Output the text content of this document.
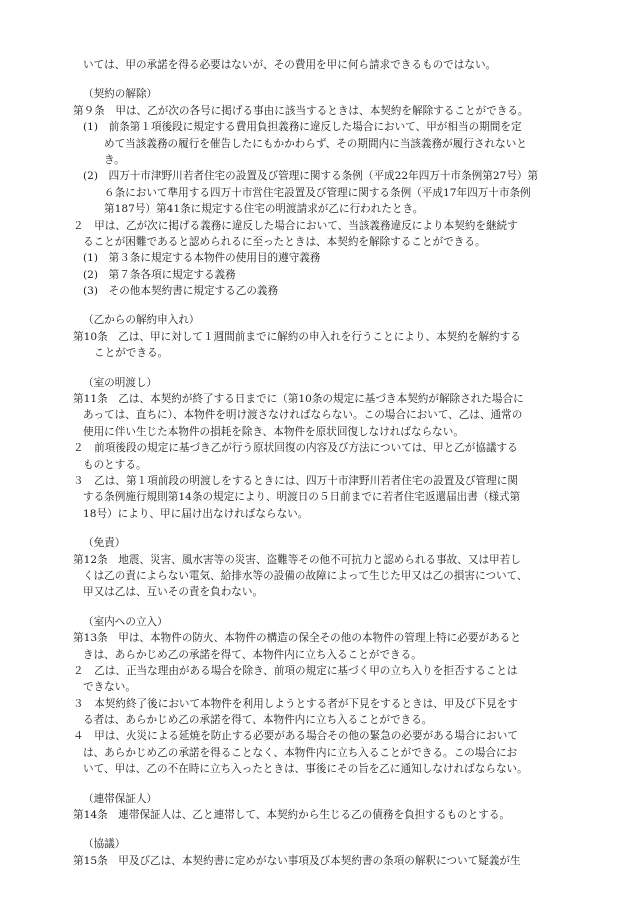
いては、甲の承諾を得る必要はないが、その費用を甲に何ら請求できるものではない。
（契約の解除）
第９条　甲は、乙が次の各号に掲げる事由に該当するときは、本契約を解除することができる。
(1)　前条第１項後段に規定する費用負担義務に違反した場合において、甲が相当の期間を定
めて当該義務の履行を催告したにもかかわらず、その期間内に当該義務が履行されないと
き。
(2)　四万十市津野川若者住宅の設置及び管理に関する条例（平成22年四万十市条例第27号）第
６条において準用する四万十市営住宅設置及び管理に関する条例（平成17年四万十市条例
第187号）第41条に規定する住宅の明渡請求が乙に行われたとき。
２　甲は、乙が次に掲げる義務に違反した場合において、当該義務違反により本契約を継続す
ることが困難であると認められるに至ったときは、本契約を解除することができる。
(1)　第３条に規定する本物件の使用目的遵守義務
(2)　第７条各項に規定する義務
(3)　その他本契約書に規定する乙の義務
（乙からの解約申入れ）
第10条　乙は、甲に対して１週間前までに解約の申入れを行うことにより、本契約を解約する
ことができる。
（室の明渡し）
第11条　乙は、本契約が終了する日までに（第10条の規定に基づき本契約が解除された場合に
あっては、直ちに）、本物件を明け渡さなければならない。この場合において、乙は、通常の
使用に伴い生じた本物件の損耗を除き、本物件を原状回復しなければならない。
２　前項後段の規定に基づき乙が行う原状回復の内容及び方法については、甲と乙が協議する
ものとする。
３　乙は、第１項前段の明渡しをするときには、四万十市津野川若者住宅の設置及び管理に関
する条例施行規則第14条の規定により、明渡日の５日前までに若者住宅返還届出書（様式第
18号）により、甲に届け出なければならない。
（免責）
第12条　地震、災害、風水害等の災害、盗難等その他不可抗力と認められる事故、又は甲若し
くは乙の責によらない電気、給排水等の設備の故障によって生じた甲又は乙の損害について、
甲又は乙は、互いその責を負わない。
（室内への立入）
第13条　甲は、本物件の防火、本物件の構造の保全その他の本物件の管理上特に必要があると
きは、あらかじめ乙の承諾を得て、本物件内に立ち入ることができる。
２　乙は、正当な理由がある場合を除き、前項の規定に基づく甲の立ち入りを拒否することは
できない。
３　本契約終了後において本物件を利用しようとする者が下見をするときは、甲及び下見をす
る者は、あらかじめ乙の承諾を得て、本物件内に立ち入ることができる。
４　甲は、火災による延焼を防止する必要がある場合その他の緊急の必要がある場合において
は、あらかじめ乙の承諾を得ることなく、本物件内に立ち入ることができる。この場合にお
いて、甲は、乙の不在時に立ち入ったときは、事後にその旨を乙に通知しなければならない。
（連帯保証人）
第14条　連帯保証人は、乙と連帯して、本契約から生じる乙の債務を負担するものとする。
（協議）
第15条　甲及び乙は、本契約書に定めがない事項及び本契約書の条項の解釈について疑義が生
